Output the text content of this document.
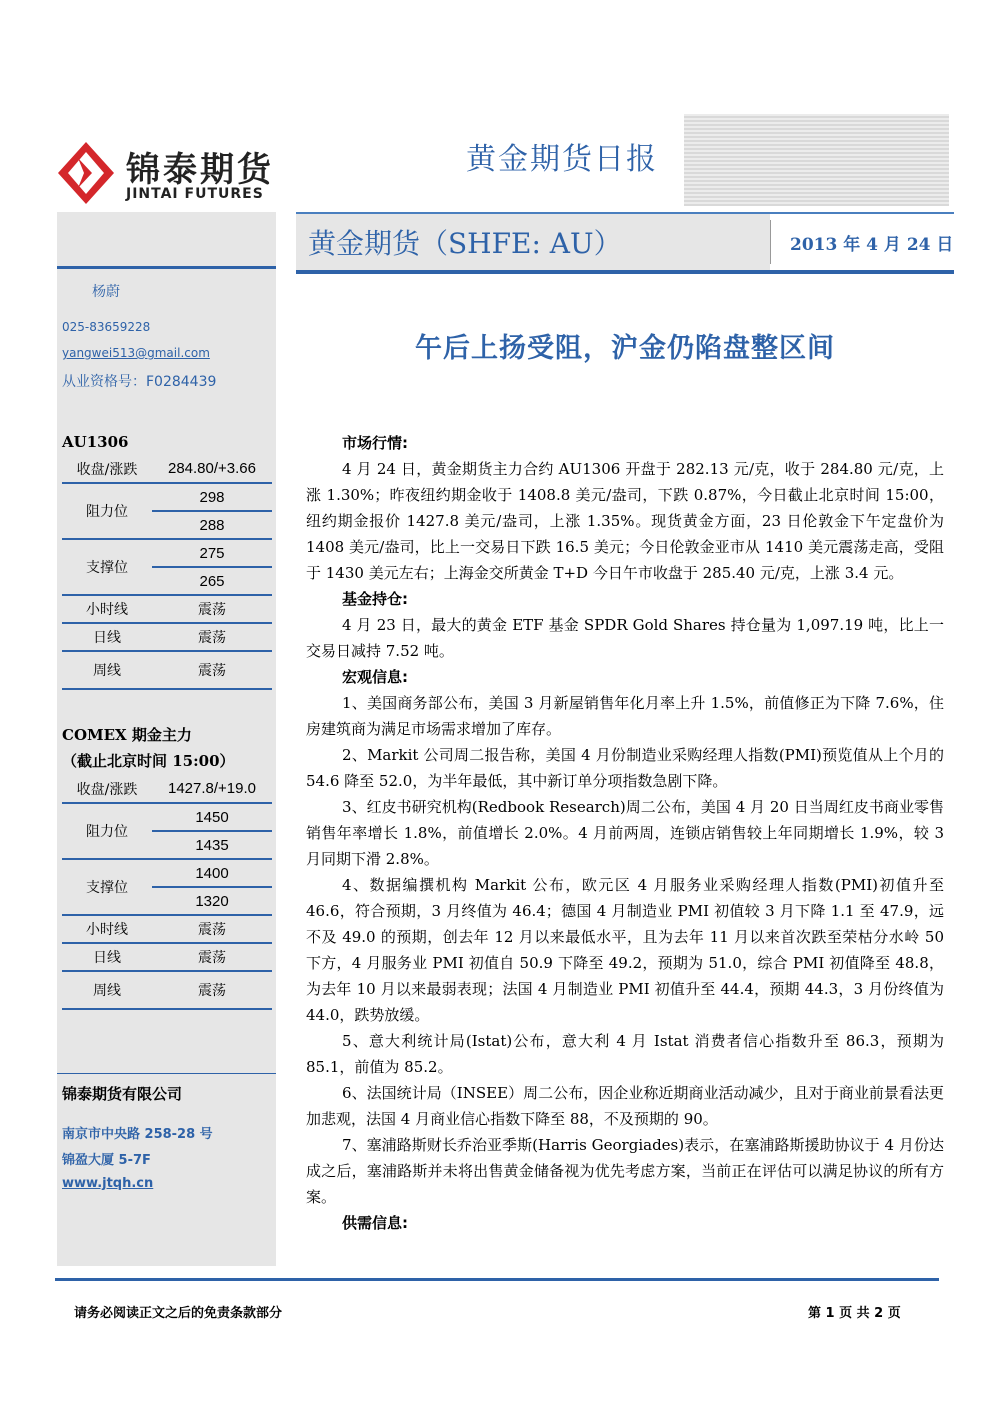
锦泰期货
JINTAI FUTURES
黄金期货日报
黄金期货（SHFE: AU）	2013 年 4 月 24 日
杨蔚
025-83659228
yangwei513@gmail.com
从业资格号：F0284439
AU1306
收盘/涨跌	284.80/+3.66
阻力位	298
	288
支撑位	275
	265
小时线	震荡
日线	震荡
周线	震荡
COMEX 期金主力
（截止北京时间 15:00）
收盘/涨跌	1427.8/+19.0
阻力位	1450
	1435
支撑位	1400
	1320
小时线	震荡
日线	震荡
周线	震荡
锦泰期货有限公司
南京市中央路 258-28 号
锦盈大厦 5-7F
www.jtqh.cn
午后上扬受阻，沪金仍陷盘整区间
市场行情:

4 月 24 日，黄金期货主力合约 AU1306 开盘于 282.13 元/克，收于 284.80 元/克，上涨 1.30%；昨夜纽约期金收于 1408.8 美元/盎司，下跌 0.87%，今日截止北京时间 15:00，纽约期金报价 1427.8 美元/盎司，上涨 1.35%。现货黄金方面，23 日伦敦金下午定盘价为 1408 美元/盎司，比上一交易日下跌 16.5 美元；今日伦敦金亚市从 1410 美元震荡走高，受阻于 1430 美元左右；上海金交所黄金 T+D 今日午市收盘于 285.40 元/克，上涨 3.4 元。

基金持仓:

4 月 23 日，最大的黄金 ETF 基金 SPDR Gold Shares 持仓量为 1,097.19 吨，比上一交易日减持 7.52 吨。

宏观信息:

1、美国商务部公布，美国 3 月新屋销售年化月率上升 1.5%，前值修正为下降 7.6%，住房建筑商为满足市场需求增加了库存。

2、Markit 公司周二报告称，美国 4 月份制造业采购经理人指数(PMI)预览值从上个月的 54.6 降至 52.0，为半年最低，其中新订单分项指数急剧下降。

3、红皮书研究机构(Redbook Research)周二公布，美国 4 月 20 日当周红皮书商业零售销售年率增长 1.8%，前值增长 2.0%。4 月前两周，连锁店销售较上年同期增长 1.9%，较 3 月同期下滑 2.8%。

4、数据编撰机构 Markit 公布，欧元区 4 月服务业采购经理人指数(PMI)初值升至 46.6，符合预期，3 月终值为 46.4；德国 4 月制造业 PMI 初值较 3 月下降 1.1 至 47.9，远不及 49.0 的预期，创去年 12 月以来最低水平，且为去年 11 月以来首次跌至荣枯分水岭 50 下方，4 月服务业 PMI 初值自 50.9 下降至 49.2，预期为 51.0，综合 PMI 初值降至 48.8，为去年 10 月以来最弱表现；法国 4 月制造业 PMI 初值升至 44.4，预期 44.3，3 月份终值为 44.0，跌势放缓。

5、意大利统计局(Istat)公布，意大利 4 月 Istat 消费者信心指数升至 86.3，预期为 85.1，前值为 85.2。

6、法国统计局（INSEE）周二公布，因企业称近期商业活动减少，且对于商业前景看法更加悲观，法国 4 月商业信心指数下降至 88，不及预期的 90。

7、塞浦路斯财长乔治亚季斯(Harris Georgiades)表示，在塞浦路斯援助协议于 4 月份达成之后，塞浦路斯并未将出售黄金储备视为优先考虑方案，当前正在评估可以满足协议的所有方案。

供需信息:
请务必阅读正文之后的免责条款部分	第 1 页 共 2 页
